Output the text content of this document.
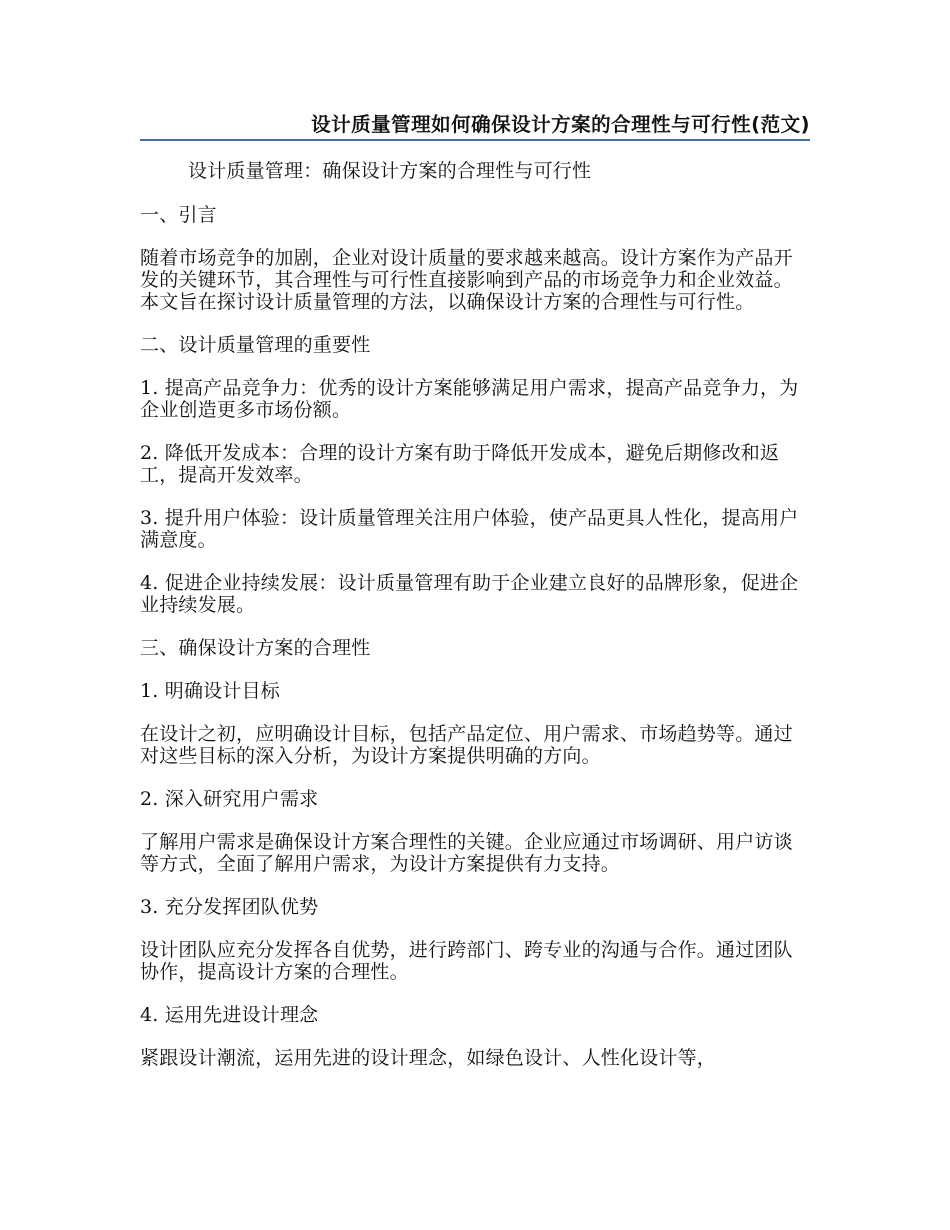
设计质量管理如何确保设计方案的合理性与可行性(范文)

设计质量管理：确保设计方案的合理性与可行性

一、引言

随着市场竞争的加剧，企业对设计质量的要求越来越高。设计方案作为产品开发的关键环节，其合理性与可行性直接影响到产品的市场竞争力和企业效益。本文旨在探讨设计质量管理的方法，以确保设计方案的合理性与可行性。

二、设计质量管理的重要性

1. 提高产品竞争力：优秀的设计方案能够满足用户需求，提高产品竞争力，为企业创造更多市场份额。

2. 降低开发成本：合理的设计方案有助于降低开发成本，避免后期修改和返工，提高开发效率。

3. 提升用户体验：设计质量管理关注用户体验，使产品更具人性化，提高用户满意度。

4. 促进企业持续发展：设计质量管理有助于企业建立良好的品牌形象，促进企业持续发展。

三、确保设计方案的合理性

1. 明确设计目标

在设计之初，应明确设计目标，包括产品定位、用户需求、市场趋势等。通过对这些目标的深入分析，为设计方案提供明确的方向。

2. 深入研究用户需求

了解用户需求是确保设计方案合理性的关键。企业应通过市场调研、用户访谈等方式，全面了解用户需求，为设计方案提供有力支持。

3. 充分发挥团队优势

设计团队应充分发挥各自优势，进行跨部门、跨专业的沟通与合作。通过团队协作，提高设计方案的合理性。

4. 运用先进设计理念

紧跟设计潮流，运用先进的设计理念，如绿色设计、人性化设计等，
